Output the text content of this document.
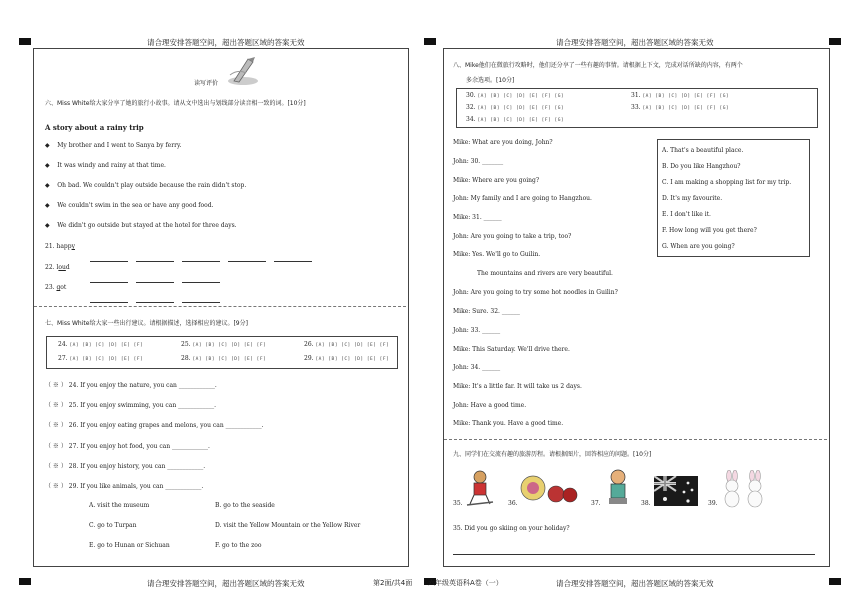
请合理安排答题空间，超出答题区域的答案无效	请合理安排答题空间，超出答题区域的答案无效
请合理安排答题空间，超出答题区域的答案无效	第2面/共4面 六年级英语科A卷（一）	请合理安排答题空间，超出答题区域的答案无效
读写评价
六、Miss White给大家分享了她的旅行小故事。请从文中选出与划线部分读音相一致的词。[10分]
A story about a rainy trip
◆    My brother and I went to Sanya by ferry.
◆    It was windy and rainy at that time.
◆    Oh bad. We couldn't play outside because the rain didn't stop.
◆    We couldn't swim in the sea or have any good food.
◆    We didn't go outside but stayed at the hotel for three days.
21. happy
22. loud
23. got
七、Miss White给大家一些出行建议。请根据描述，选择相应的建议。[9分]
24. [A] [B] [C] [D] [E] [F]	25. [A] [B] [C] [D] [E] [F]	26. [A] [B] [C] [D] [E] [F]
27. [A] [B] [C] [D] [E] [F]	28. [A] [B] [C] [D] [E] [F]	29. [A] [B] [C] [D] [E] [F]
（ ※ ） 24. If you enjoy the nature, you can ____________.
（ ※ ） 25. If you enjoy swimming, you can ____________.
（ ※ ） 26. If you enjoy eating grapes and melons, you can ____________.
（ ※ ） 27. If you enjoy hot food, you can ____________.
（ ※ ） 28. If you enjoy history, you can ____________.
（ ※ ） 29. If you like animals, you can ____________.
A. visit the museum	B. go to the seaside
C. go to Turpan	D. visit the Yellow Mountain or the Yellow River
E. go to Hunan or Sichuan	F. go to the zoo
八、Mike他们在微旅行攻略时，他们还分享了一些有趣的事情。请根据上下文，完成对话所缺的内容，有两个
多余选项。[10分]
30. [A] [B] [C] [D] [E] [F] [G]	31. [A] [B] [C] [D] [E] [F] [G]
32. [A] [B] [C] [D] [E] [F] [G]	33. [A] [B] [C] [D] [E] [F] [G]
34. [A] [B] [C] [D] [E] [F] [G]
Mike: What are you doing, John?
John: 30. _______
Mike: Where are you going?
John: My family and I are going to Hangzhou.
Mike: 31. ______
John: Are you going to take a trip, too?
Mike: Yes. We'll go to Guilin.
The mountains and rivers are very beautiful.
John: Are you going to try some hot noodles in Guilin?
Mike: Sure. 32. ______
John: 33. ______
Mike: This Saturday. We'll drive there.
John: 34. ______
Mike: It's a little far. It will take us 2 days.
John: Have a good time.
Mike: Thank you. Have a good time.
A. That's a beautiful place.
B. Do you like Hangzhou?
C. I am making a shopping list for my trip.
D. It's my favourite.
E. I don't like it.
F. How long will you get there?
G. When are you going?
九、同学们在交流有趣的旅游历程。请根据图片，回答相应的问题。[10分]
35.	36.	37.	38.	39.
35. Did you go skiing on your holiday?
